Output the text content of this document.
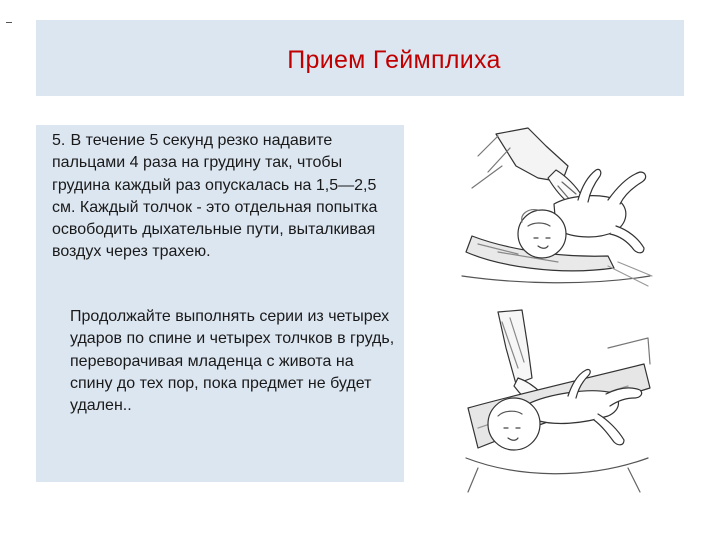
Прием Геймплиха

5. В течение 5 секунд резко надавите пальцами 4 раза на грудину так, чтобы грудина каждый раз опускалась на 1,5—2,5 см. Каждый толчок - это отдельная попытка освободить дыхательные пути, выталкивая воздух через трахею.

Продолжайте выполнять серии из четырех ударов по спине и четырех толчков в грудь, переворачивая младенца с живота на спину до тех пор, пока предмет не будет удален..
